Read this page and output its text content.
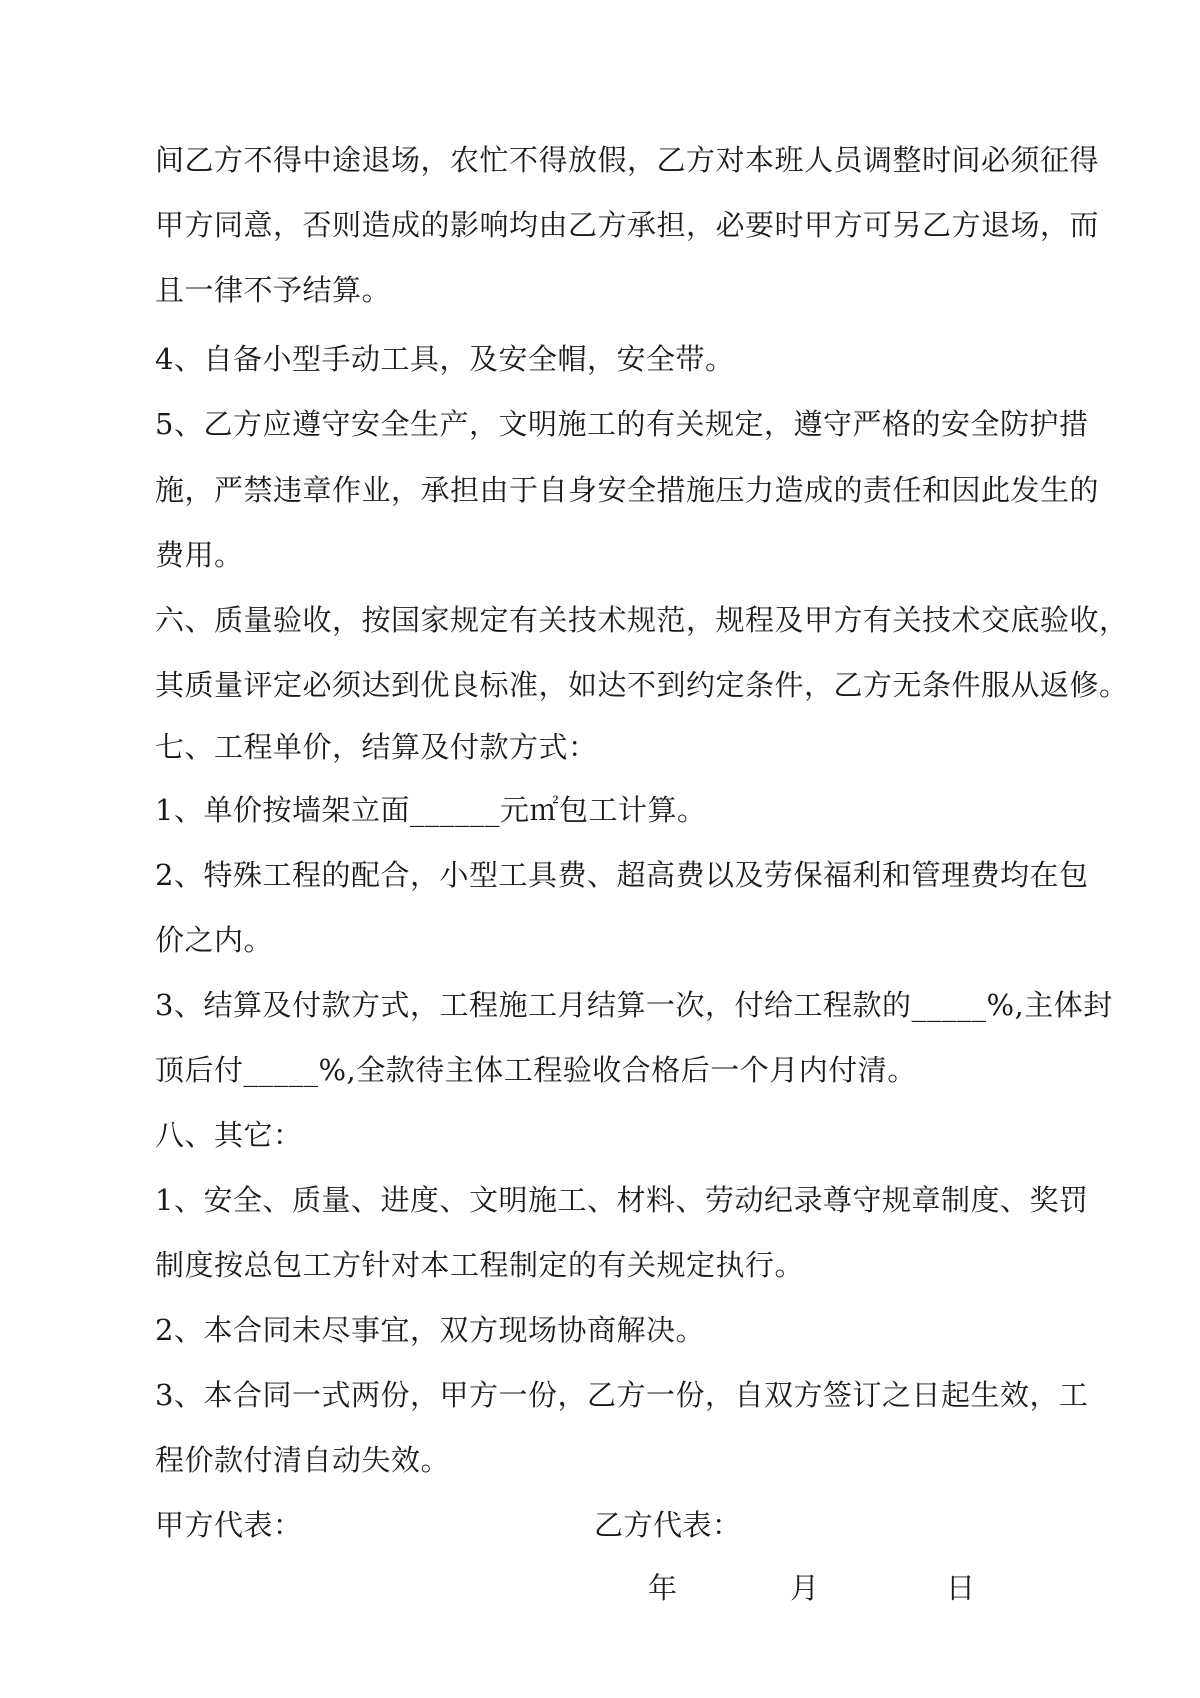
间乙方不得中途退场，农忙不得放假，乙方对本班人员调整时间必须征得
甲方同意，否则造成的影响均由乙方承担，必要时甲方可另乙方退场，而
且一律不予结算。
4、自备小型手动工具，及安全帽，安全带。
5、乙方应遵守安全生产，文明施工的有关规定，遵守严格的安全防护措
施，严禁违章作业，承担由于自身安全措施压力造成的责任和因此发生的
费用。
六、质量验收，按国家规定有关技术规范，规程及甲方有关技术交底验收，
其质量评定必须达到优良标准，如达不到约定条件，乙方无条件服从返修。
七、工程单价，结算及付款方式：
1、单价按墙架立面______元㎡包工计算。
2、特殊工程的配合，小型工具费、超高费以及劳保福利和管理费均在包
价之内。
3、结算及付款方式，工程施工月结算一次，付给工程款的_____%,主体封
顶后付_____%,全款待主体工程验收合格后一个月内付清。
八、其它：
1、安全、质量、进度、文明施工、材料、劳动纪录尊守规章制度、奖罚
制度按总包工方针对本工程制定的有关规定执行。
2、本合同未尽事宜，双方现场协商解决。
3、本合同一式两份，甲方一份，乙方一份，自双方签订之日起生效，工
程价款付清自动失效。
甲方代表：	乙方代表：
年	月	日
